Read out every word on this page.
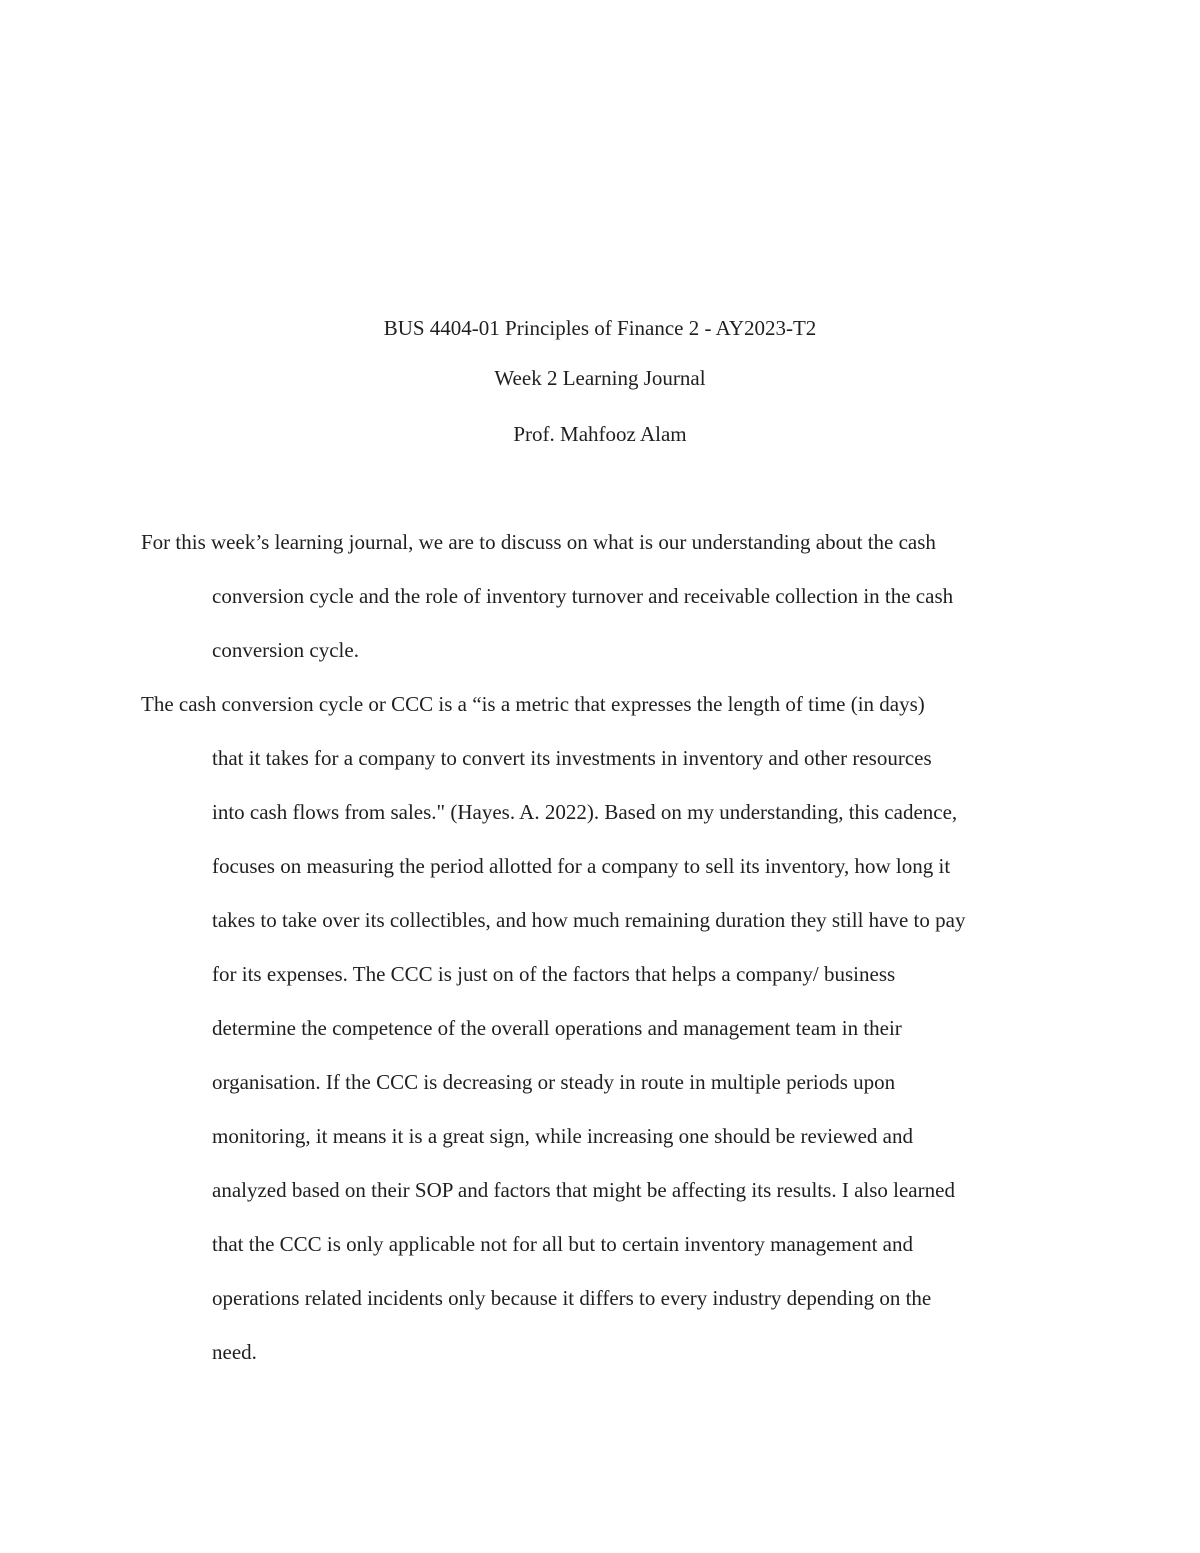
BUS 4404-01 Principles of Finance 2 - AY2023-T2
Week 2 Learning Journal
Prof. Mahfooz Alam
For this week’s learning journal, we are to discuss on what is our understanding about the cash
conversion cycle and the role of inventory turnover and receivable collection in the cash
conversion cycle.
The cash conversion cycle or CCC is a “is a metric that expresses the length of time (in days)
that it takes for a company to convert its investments in inventory and other resources
into cash flows from sales." (Hayes. A. 2022). Based on my understanding, this cadence,
focuses on measuring the period allotted for a company to sell its inventory, how long it
takes to take over its collectibles, and how much remaining duration they still have to pay
for its expenses. The CCC is just on of the factors that helps a company/ business
determine the competence of the overall operations and management team in their
organisation. If the CCC is decreasing or steady in route in multiple periods upon
monitoring, it means it is a great sign, while increasing one should be reviewed and
analyzed based on their SOP and factors that might be affecting its results. I also learned
that the CCC is only applicable not for all but to certain inventory management and
operations related incidents only because it differs to every industry depending on the
need.
